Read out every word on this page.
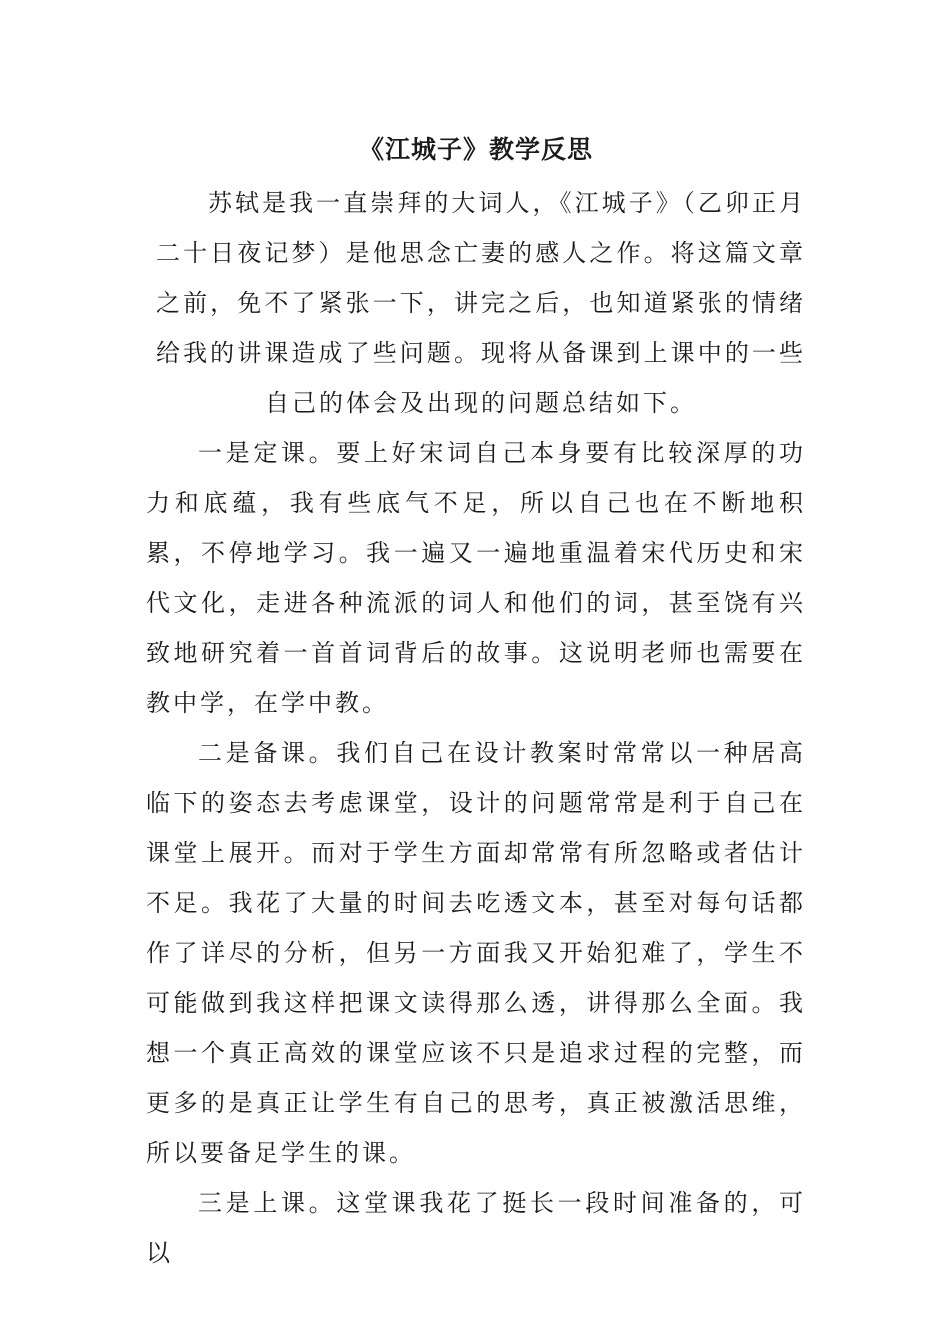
《江城子》教学反思

苏轼是我一直崇拜的大词人，《江城子》（乙卯正月二十日夜记梦）是他思念亡妻的感人之作。将这篇文章之前，免不了紧张一下，讲完之后，也知道紧张的情绪给我的讲课造成了些问题。现将从备课到上课中的一些自己的体会及出现的问题总结如下。

一是定课。要上好宋词自己本身要有比较深厚的功力和底蕴，我有些底气不足，所以自己也在不断地积累，不停地学习。我一遍又一遍地重温着宋代历史和宋代文化，走进各种流派的词人和他们的词，甚至饶有兴致地研究着一首首词背后的故事。这说明老师也需要在教中学，在学中教。

二是备课。我们自己在设计教案时常常以一种居高临下的姿态去考虑课堂，设计的问题常常是利于自己在课堂上展开。而对于学生方面却常常有所忽略或者估计不足。我花了大量的时间去吃透文本，甚至对每句话都作了详尽的分析，但另一方面我又开始犯难了，学生不可能做到我这样把课文读得那么透，讲得那么全面。我想一个真正高效的课堂应该不只是追求过程的完整，而更多的是真正让学生有自己的思考，真正被激活思维，所以要备足学生的课。

三是上课。这堂课我花了挺长一段时间准备的，可以
